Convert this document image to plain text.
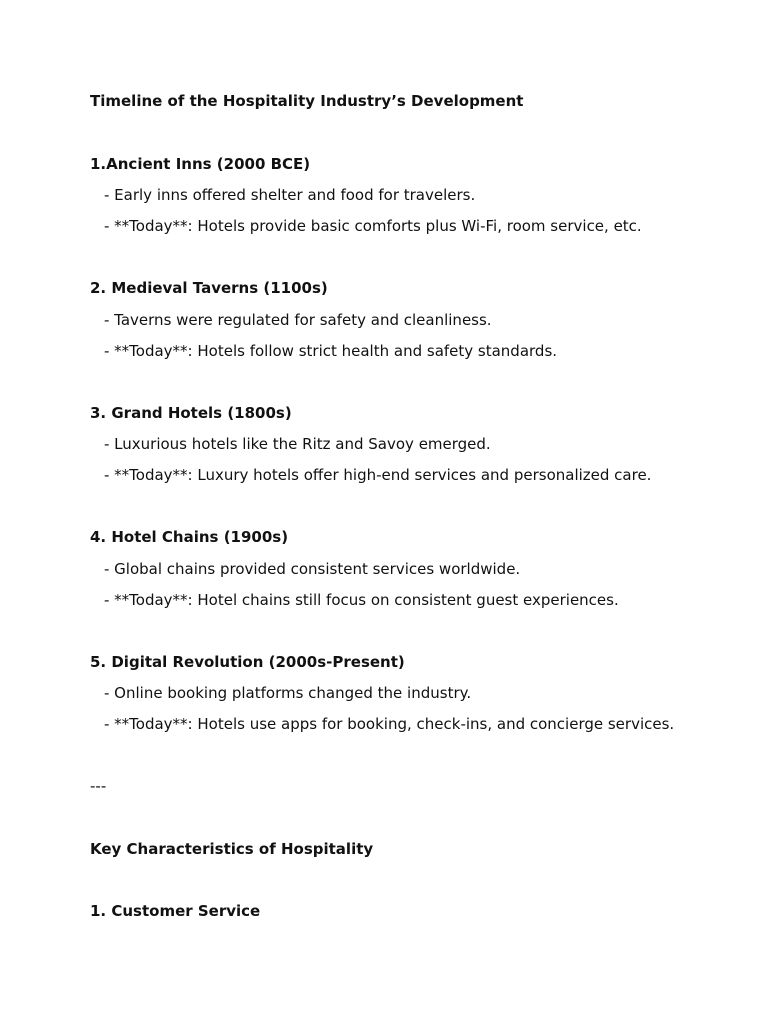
Timeline of the Hospitality Industry’s Development
1.Ancient Inns (2000 BCE)
- Early inns offered shelter and food for travelers.
- **Today**: Hotels provide basic comforts plus Wi-Fi, room service, etc.
2. Medieval Taverns (1100s)
- Taverns were regulated for safety and cleanliness.
- **Today**: Hotels follow strict health and safety standards.
3. Grand Hotels (1800s)
- Luxurious hotels like the Ritz and Savoy emerged.
- **Today**: Luxury hotels offer high-end services and personalized care.
4. Hotel Chains (1900s)
- Global chains provided consistent services worldwide.
- **Today**: Hotel chains still focus on consistent guest experiences.
5. Digital Revolution (2000s-Present)
- Online booking platforms changed the industry.
- **Today**: Hotels use apps for booking, check-ins, and concierge services.
---
Key Characteristics of Hospitality
1. Customer Service
